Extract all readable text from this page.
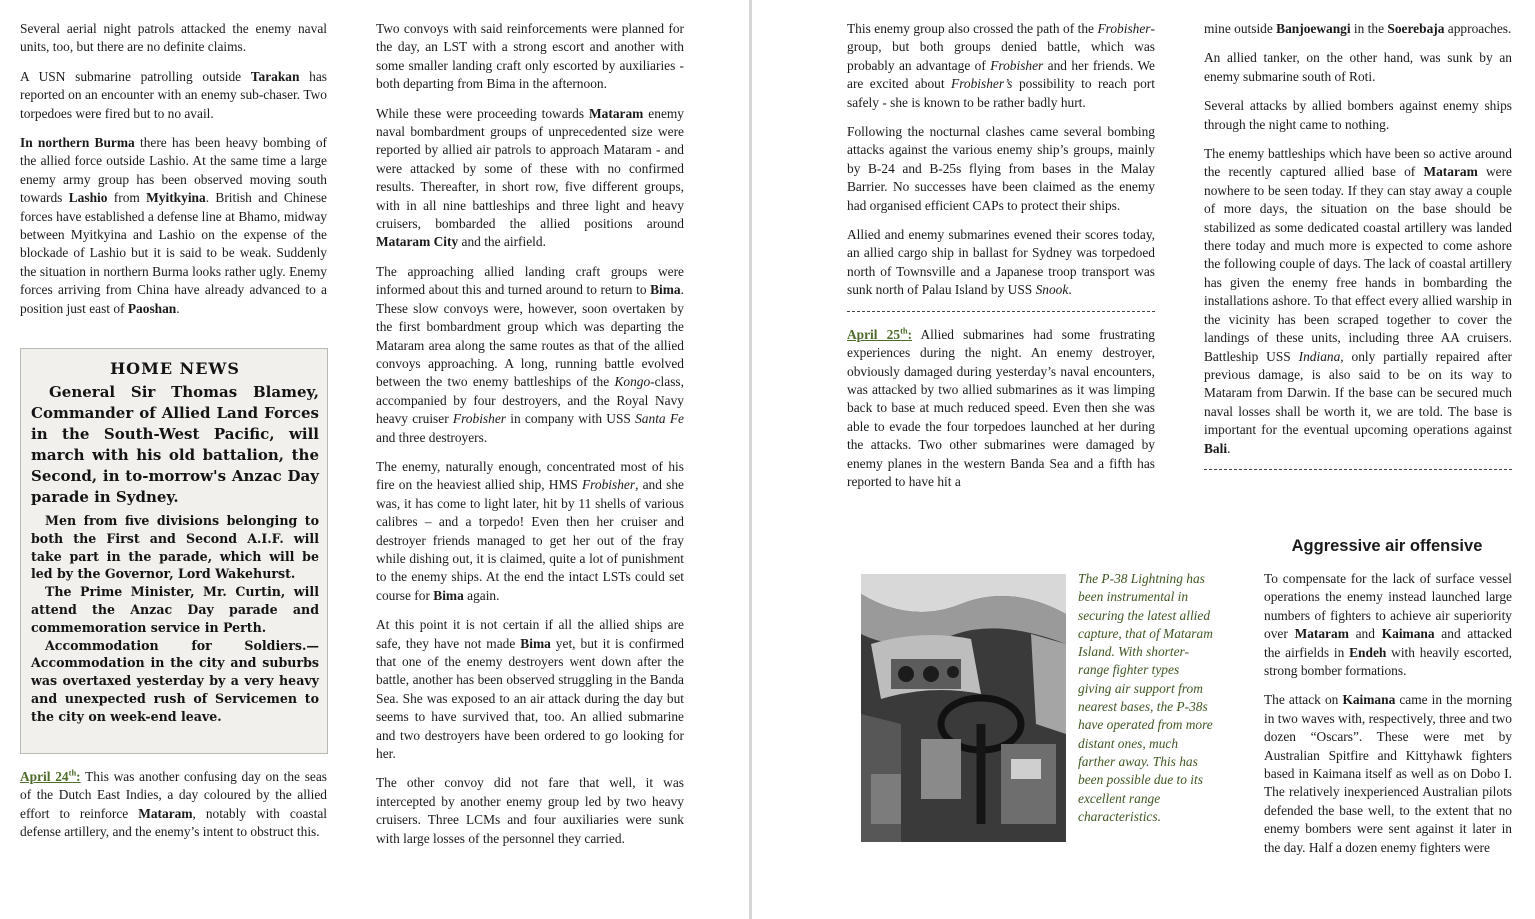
Several aerial night patrols attacked the enemy naval units, too, but there are no definite claims.

A USN submarine patrolling outside Tarakan has reported on an encounter with an enemy sub-chaser. Two torpedoes were fired but to no avail.

In northern Burma there has been heavy bombing of the allied force outside Lashio. At the same time a large enemy army group has been observed moving south towards Lashio from Myitkyina. British and Chinese forces have established a defense line at Bhamo, midway between Myitkyina and Lashio on the expense of the blockade of Lashio but it is said to be weak. Suddenly the situation in northern Burma looks rather ugly. Enemy forces arriving from China have already advanced to a position just east of Paoshan.

HOME NEWS
General Sir Thomas Blamey, Commander of Allied Land Forces in the South-West Pacific, will march with his old battalion, the Second, in to-morrow's Anzac Day parade in Sydney.

Men from five divisions belonging to both the First and Second A.I.F. will take part in the parade, which will be led by the Governor, Lord Wakehurst.

The Prime Minister, Mr. Curtin, will attend the Anzac Day parade and commemoration service in Perth.

Accommodation for Soldiers.— Accommodation in the city and suburbs was overtaxed yesterday by a very heavy and unexpected rush of Servicemen to the city on week-end leave.

April 24th: This was another confusing day on the seas of the Dutch East Indies, a day coloured by the allied effort to reinforce Mataram, notably with coastal defense artillery, and the enemy’s intent to obstruct this.

Two convoys with said reinforcements were planned for the day, an LST with a strong escort and another with some smaller landing craft only escorted by auxiliaries - both departing from Bima in the afternoon.

While these were proceeding towards Mataram enemy naval bombardment groups of unprecedented size were reported by allied air patrols to approach Mataram - and were attacked by some of these with no confirmed results. Thereafter, in short row, five different groups, with in all nine battleships and three light and heavy cruisers, bombarded the allied positions around Mataram City and the airfield.

The approaching allied landing craft groups were informed about this and turned around to return to Bima. These slow convoys were, however, soon overtaken by the first bombardment group which was departing the Mataram area along the same routes as that of the allied convoys approaching. A long, running battle evolved between the two enemy battleships of the Kongo-class, accompanied by four destroyers, and the Royal Navy heavy cruiser Frobisher in company with USS Santa Fe and three destroyers.

The enemy, naturally enough, concentrated most of his fire on the heaviest allied ship, HMS Frobisher, and she was, it has come to light later, hit by 11 shells of various calibres – and a torpedo! Even then her cruiser and destroyer friends managed to get her out of the fray while dishing out, it is claimed, quite a lot of punishment to the enemy ships. At the end the intact LSTs could set course for Bima again.

At this point it is not certain if all the allied ships are safe, they have not made Bima yet, but it is confirmed that one of the enemy destroyers went down after the battle, another has been observed struggling in the Banda Sea. She was exposed to an air attack during the day but seems to have survived that, too. An allied submarine and two destroyers have been ordered to go looking for her.

The other convoy did not fare that well, it was intercepted by another enemy group led by two heavy cruisers. Three LCMs and four auxiliaries were sunk with large losses of the personnel they carried.

This enemy group also crossed the path of the Frobisher-group, but both groups denied battle, which was probably an advantage of Frobisher and her friends. We are excited about Frobisher’s possibility to reach port safely - she is known to be rather badly hurt.

Following the nocturnal clashes came several bombing attacks against the various enemy ship’s groups, mainly by B-24 and B-25s flying from bases in the Malay Barrier. No successes have been claimed as the enemy had organised efficient CAPs to protect their ships.

Allied and enemy submarines evened their scores today, an allied cargo ship in ballast for Sydney was torpedoed north of Townsville and a Japanese troop transport was sunk north of Palau Island by USS Snook.

April 25th: Allied submarines had some frustrating experiences during the night. An enemy destroyer, obviously damaged during yesterday’s naval encounters, was attacked by two allied submarines as it was limping back to base at much reduced speed. Even then she was able to evade the four torpedoes launched at her during the attacks. Two other submarines were damaged by enemy planes in the western Banda Sea and a fifth has reported to have hit a

The P-38 Lightning has been instrumental in securing the latest allied capture, that of Mataram Island. With shorter-range fighter types giving air support from nearest bases, the P-38s have operated from more distant ones, much farther away. This has been possible due to its excellent range characteristics.

mine outside Banjoewangi in the Soerebaja approaches.

An allied tanker, on the other hand, was sunk by an enemy submarine south of Roti.

Several attacks by allied bombers against enemy ships through the night came to nothing.

The enemy battleships which have been so active around the recently captured allied base of Mataram were nowhere to be seen today. If they can stay away a couple of more days, the situation on the base should be stabilized as some dedicated coastal artillery was landed there today and much more is expected to come ashore the following couple of days. The lack of coastal artillery has given the enemy free hands in bombarding the installations ashore. To that effect every allied warship in the vicinity has been scraped together to cover the landings of these units, including three AA cruisers. Battleship USS Indiana, only partially repaired after previous damage, is also said to be on its way to Mataram from Darwin. If the base can be secured much naval losses shall be worth it, we are told. The base is important for the eventual upcoming operations against Bali.

Aggressive air offensive

To compensate for the lack of surface vessel operations the enemy instead launched large numbers of fighters to achieve air superiority over Mataram and Kaimana and attacked the airfields in Endeh with heavily escorted, strong bomber formations.

The attack on Kaimana came in the morning in two waves with, respectively, three and two dozen “Oscars”. These were met by Australian Spitfire and Kittyhawk fighters based in Kaimana itself as well as on Dobo I. The relatively inexperienced Australian pilots defended the base well, to the extent that no enemy bombers were sent against it later in the day. Half a dozen enemy fighters were
